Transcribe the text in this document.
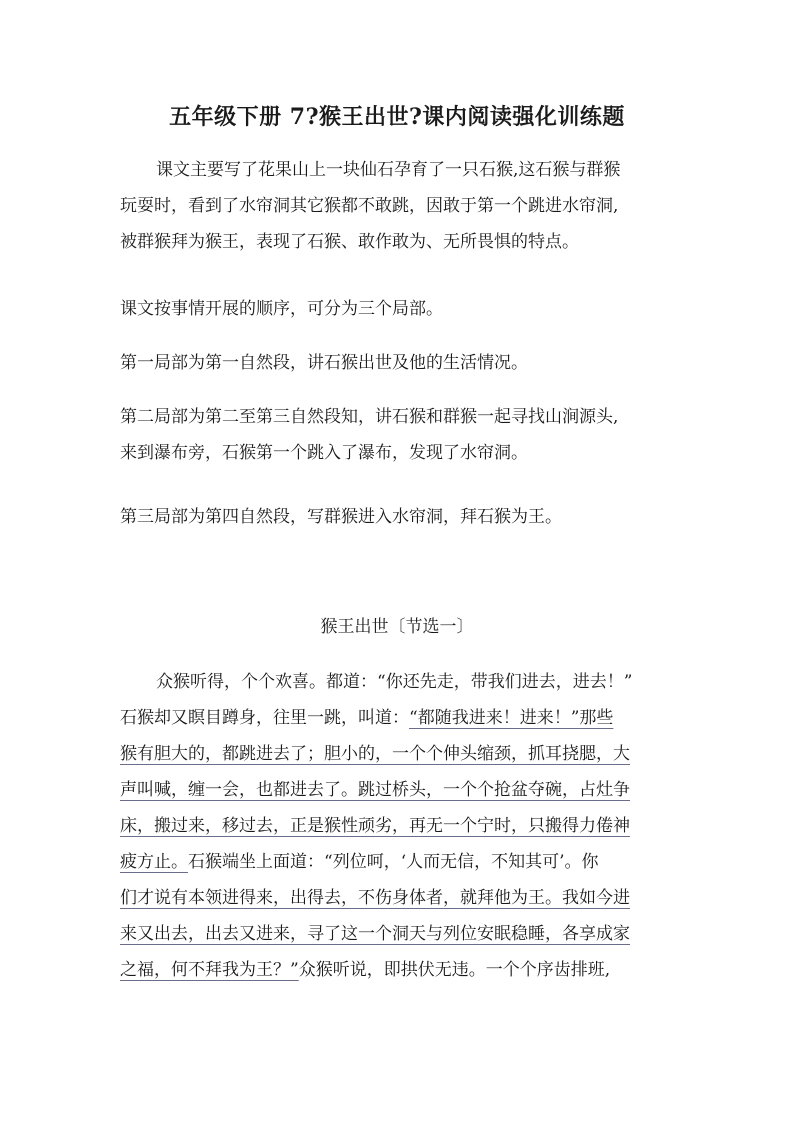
五年级下册 7?猴王出世?课内阅读强化训练题
课文主要写了花果山上一块仙石孕育了一只石猴,这石猴与群猴
玩耍时，看到了水帘洞其它猴都不敢跳，因敢于第一个跳进水帘洞,
被群猴拜为猴王，表现了石猴、敢作敢为、无所畏惧的特点。
课文按事情开展的顺序，可分为三个局部。
第一局部为第一自然段，讲石猴出世及他的生活情况。
第二局部为第二至第三自然段知，讲石猴和群猴一起寻找山涧源头,
来到瀑布旁，石猴第一个跳入了瀑布，发现了水帘洞。
第三局部为第四自然段，写群猴进入水帘洞，拜石猴为王。
猴王出世〔节选一〕
众猴听得，个个欢喜。都道：“你还先走，带我们进去，进去！”
石猴却又瞑目蹲身，往里一跳，叫道：“都随我进来！进来！”那些
猴有胆大的，都跳进去了；胆小的，一个个伸头缩颈，抓耳挠腮，大
声叫喊，缠一会，也都进去了。跳过桥头，一个个抢盆夺碗，占灶争
床，搬过来，移过去，正是猴性顽劣，再无一个宁时，只搬得力倦神
疲方止。石猴端坐上面道：“列位呵，‘人而无信，不知其可’。你
们才说有本领进得来，出得去，不伤身体者，就拜他为王。我如今进
来又出去，出去又进来，寻了这一个洞天与列位安眠稳睡，各享成家
之福，何不拜我为王？”众猴听说，即拱伏无违。一个个序齿排班,
